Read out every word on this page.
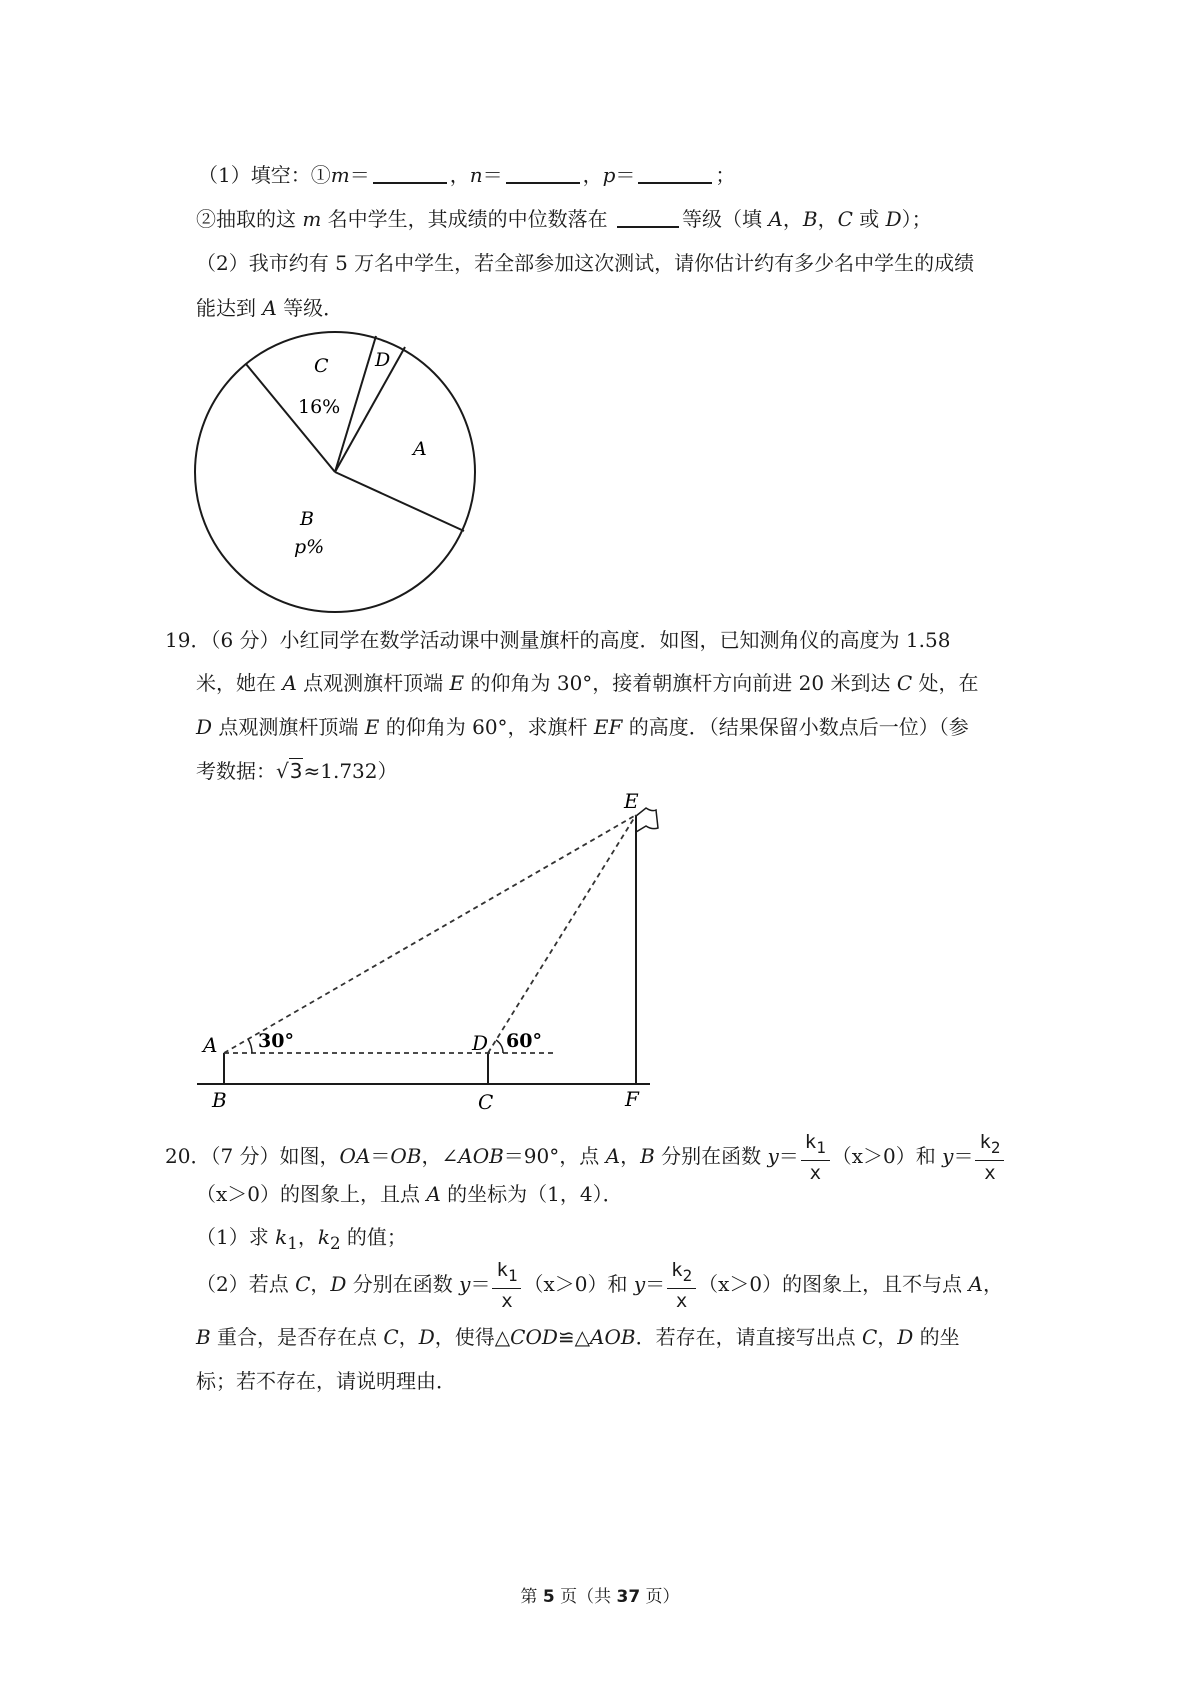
（1）填空：①m＝	，n＝	，p＝	；
②抽取的这 m 名中学生，其成绩的中位数落在	等级（填 A，B，C 或 D）；
（2）我市约有 5 万名中学生，若全部参加这次测试，请你估计约有多少名中学生的成绩
能达到 A 等级．
C
16%
D
A
B
p%
19．（6 分）小红同学在数学活动课中测量旗杆的高度．如图，已知测角仪的高度为 1.58
米，她在 A 点观测旗杆顶端 E 的仰角为 30°，接着朝旗杆方向前进 20 米到达 C 处，在
D 点观测旗杆顶端 E 的仰角为 60°，求旗杆 EF 的高度．（结果保留小数点后一位）（参
考数据：√3≈1.732）
E
A 30°	D 60°
B	C	F
20．（7 分）如图，OA＝OB，∠AOB＝90°，点 A，B 分别在函数 $y= \frac{k_1}{x} (x>0)$和 $y= \frac{k_2}{x}$
（x＞0）的图象上，且点 A 的坐标为（1，4）．
（1）求 $k_1$，$k_2$ 的值；
（2）若点 C，D 分别在函数 $y= \frac{k_1}{x} (x>0)$和 $y= \frac{k_2}{x} (x>0)$的图象上，且不与点 A，
B 重合，是否存在点 C，D，使得△COD≌△AOB．若存在，请直接写出点 C，D 的坐
标；若不存在，请说明理由．
第 5 页（共 37 页）
